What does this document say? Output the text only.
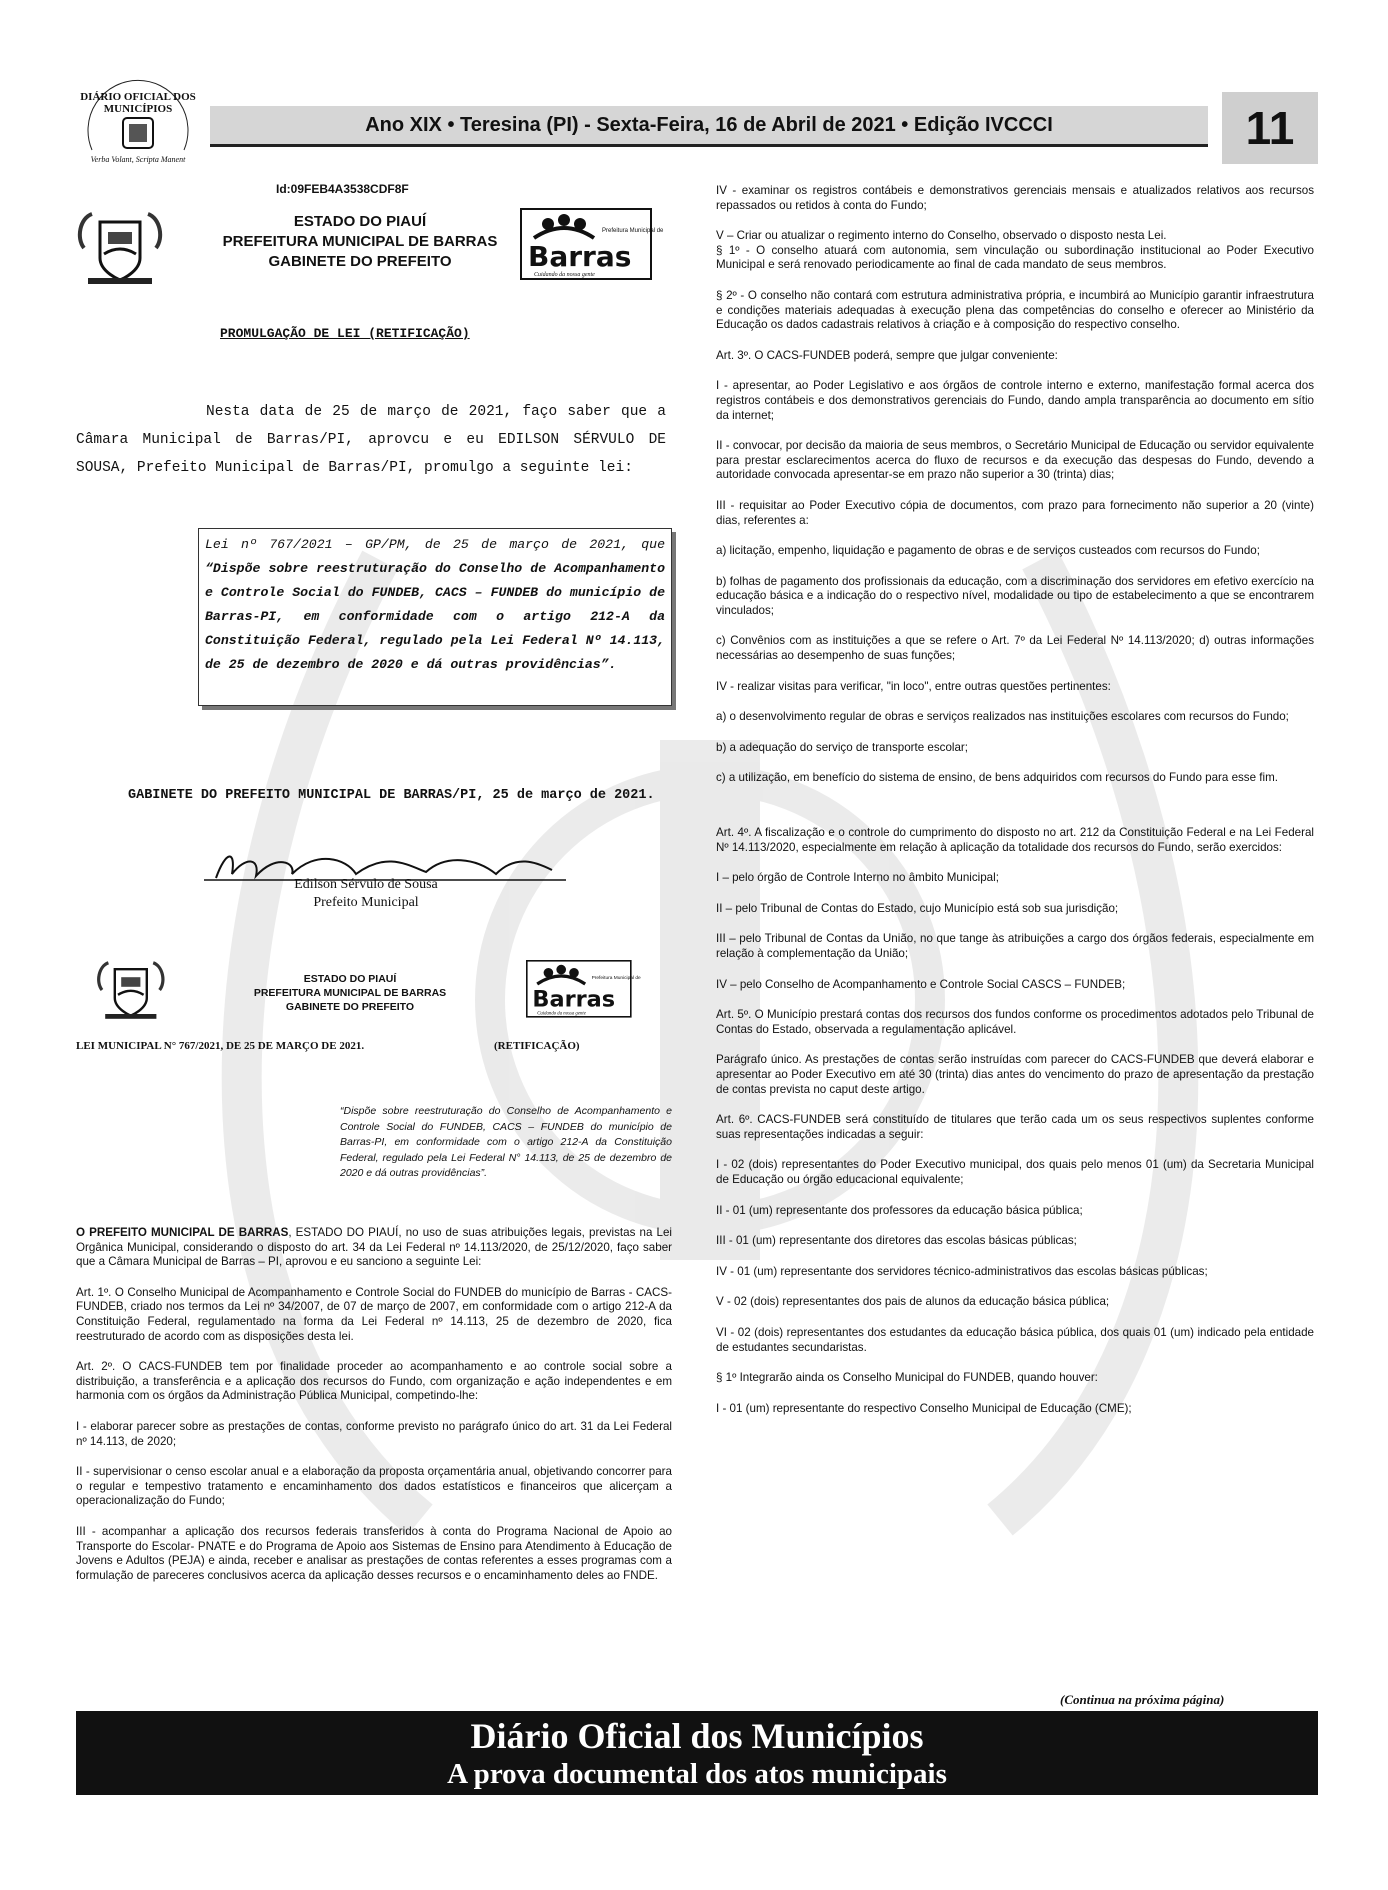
DIÁRIO OFICIAL DOS
MUNICÍPIOS
Verba Volant, Scripta Manent
Ano XIX • Teresina (PI) - Sexta-Feira, 16 de Abril de 2021 • Edição IVCCCI	11
Id:09FEB4A3538CDF8F
ESTADO DO PIAUÍ
PREFEITURA MUNICIPAL DE BARRAS
GABINETE DO PREFEITO	Barras
Prefeitura Municipal de
Cuidando da nossa gente
PROMULGAÇÃO DE LEI (RETIFICAÇÃO)
Nesta data de 25 de março de 2021, faço saber que a Câmara Municipal de Barras/PI, aprovcu e eu EDILSON SÉRVULO DE SOUSA, Prefeito Municipal de Barras/PI, promulgo a seguinte lei:
Lei nº 767/2021 – GP/PM, de 25 de março de 2021, que “Dispõe sobre reestruturação do Conselho de Acompanhamento e Controle Social do FUNDEB, CACS – FUNDEB do município de Barras-PI, em conformidade com o artigo 212-A da Constituição Federal, regulado pela Lei Federal Nº 14.113, de 25 de dezembro de 2020 e dá outras providências”.
GABINETE DO PREFEITO MUNICIPAL DE BARRAS/PI, 25 de março de 2021.
Edilson Sérvulo de Sousa
Prefeito Municipal
ESTADO DO PIAUÍ
PREFEITURA MUNICIPAL DE BARRAS
GABINETE DO PREFEITO	Barras
Prefeitura Municipal de
Cuidando da nossa gente
LEI MUNICIPAL N° 767/2021, DE 25 DE MARÇO DE 2021.	(RETIFICAÇÃO)
“Dispõe sobre reestruturação do Conselho de Acompanhamento e Controle Social do FUNDEB, CACS – FUNDEB do município de Barras-PI, em conformidade com o artigo 212-A da Constituição Federal, regulado pela Lei Federal N° 14.113, de 25 de dezembro de 2020 e dá outras providências”.

O PREFEITO MUNICIPAL DE BARRAS, ESTADO DO PIAUÍ, no uso de suas atribuições legais, previstas na Lei Orgânica Municipal, considerando o disposto do art. 34 da Lei Federal nº 14.113/2020, de 25/12/2020, faço saber que a Câmara Municipal de Barras – PI, aprovou e eu sanciono a seguinte Lei:

Art. 1º. O Conselho Municipal de Acompanhamento e Controle Social do FUNDEB do município de Barras - CACS-FUNDEB, criado nos termos da Lei nº 34/2007, de 07 de março de 2007, em conformidade com o artigo 212-A da Constituição Federal, regulamentado na forma da Lei Federal nº 14.113, 25 de dezembro de 2020, fica reestruturado de acordo com as disposições desta lei.

Art. 2º. O CACS-FUNDEB tem por finalidade proceder ao acompanhamento e ao controle social sobre a distribuição, a transferência e a aplicação dos recursos do Fundo, com organização e ação independentes e em harmonia com os órgãos da Administração Pública Municipal, competindo-lhe:

I - elaborar parecer sobre as prestações de contas, conforme previsto no parágrafo único do art. 31 da Lei Federal nº 14.113, de 2020;

II - supervisionar o censo escolar anual e a elaboração da proposta orçamentária anual, objetivando concorrer para o regular e tempestivo tratamento e encaminhamento dos dados estatísticos e financeiros que alicerçam a operacionalização do Fundo;

III - acompanhar a aplicação dos recursos federais transferidos à conta do Programa Nacional de Apoio ao Transporte do Escolar- PNATE e do Programa de Apoio aos Sistemas de Ensino para Atendimento à Educação de Jovens e Adultos (PEJA) e ainda, receber e analisar as prestações de contas referentes a esses programas com a formulação de pareceres conclusivos acerca da aplicação desses recursos e o encaminhamento deles ao FNDE.

IV - examinar os registros contábeis e demonstrativos gerenciais mensais e atualizados relativos aos recursos repassados ou retidos à conta do Fundo;

V – Criar ou atualizar o regimento interno do Conselho, observado o disposto nesta Lei.
§ 1º - O conselho atuará com autonomia, sem vinculação ou subordinação institucional ao Poder Executivo Municipal e será renovado periodicamente ao final de cada mandato de seus membros.

§ 2º - O conselho não contará com estrutura administrativa própria, e incumbirá ao Município garantir infraestrutura e condições materiais adequadas à execução plena das competências do conselho e oferecer ao Ministério da Educação os dados cadastrais relativos à criação e à composição do respectivo conselho.

Art. 3º. O CACS-FUNDEB poderá, sempre que julgar conveniente:

I - apresentar, ao Poder Legislativo e aos órgãos de controle interno e externo, manifestação formal acerca dos registros contábeis e dos demonstrativos gerenciais do Fundo, dando ampla transparência ao documento em sítio da internet;

II - convocar, por decisão da maioria de seus membros, o Secretário Municipal de Educação ou servidor equivalente para prestar esclarecimentos acerca do fluxo de recursos e da execução das despesas do Fundo, devendo a autoridade convocada apresentar-se em prazo não superior a 30 (trinta) dias;

III - requisitar ao Poder Executivo cópia de documentos, com prazo para fornecimento não superior a 20 (vinte) dias, referentes a:

a) licitação, empenho, liquidação e pagamento de obras e de serviços custeados com recursos do Fundo;

b) folhas de pagamento dos profissionais da educação, com a discriminação dos servidores em efetivo exercício na educação básica e a indicação do o respectivo nível, modalidade ou tipo de estabelecimento a que se encontrarem vinculados;

c) Convênios com as instituições a que se refere o Art. 7º da Lei Federal Nº 14.113/2020; d) outras informações necessárias ao desempenho de suas funções;

IV - realizar visitas para verificar, "in loco", entre outras questões pertinentes:

a) o desenvolvimento regular de obras e serviços realizados nas instituições escolares com recursos do Fundo;

b) a adequação do serviço de transporte escolar;

c) a utilização, em benefício do sistema de ensino, de bens adquiridos com recursos do Fundo para esse fim.

Art. 4º. A fiscalização e o controle do cumprimento do disposto no art. 212 da Constituição Federal e na Lei Federal Nº 14.113/2020, especialmente em relação à aplicação da totalidade dos recursos do Fundo, serão exercidos:

I – pelo órgão de Controle Interno no âmbito Municipal;

II – pelo Tribunal de Contas do Estado, cujo Município está sob sua jurisdição;

III – pelo Tribunal de Contas da União, no que tange às atribuições a cargo dos órgãos federais, especialmente em relação à complementação da União;

IV – pelo Conselho de Acompanhamento e Controle Social CASCS – FUNDEB;

Art. 5º. O Município prestará contas dos recursos dos fundos conforme os procedimentos adotados pelo Tribunal de Contas do Estado, observada a regulamentação aplicável.

Parágrafo único. As prestações de contas serão instruídas com parecer do CACS-FUNDEB que deverá elaborar e apresentar ao Poder Executivo em até 30 (trinta) dias antes do vencimento do prazo de apresentação da prestação de contas prevista no caput deste artigo.

Art. 6º. CACS-FUNDEB será constituído de titulares que terão cada um os seus respectivos suplentes conforme suas representações indicadas a seguir:

I - 02 (dois) representantes do Poder Executivo municipal, dos quais pelo menos 01 (um) da Secretaria Municipal de Educação ou órgão educacional equivalente;

II - 01 (um) representante dos professores da educação básica pública;

III - 01 (um) representante dos diretores das escolas básicas públicas;

IV - 01 (um) representante dos servidores técnico-administrativos das escolas básicas públicas;

V - 02 (dois) representantes dos pais de alunos da educação básica pública;

VI - 02 (dois) representantes dos estudantes da educação básica pública, dos quais 01 (um) indicado pela entidade de estudantes secundaristas.

§ 1º Integrarão ainda os Conselho Municipal do FUNDEB, quando houver:

I - 01 (um) representante do respectivo Conselho Municipal de Educação (CME);

(Continua na próxima página)
Diário Oficial dos Municípios
A prova documental dos atos municipais
